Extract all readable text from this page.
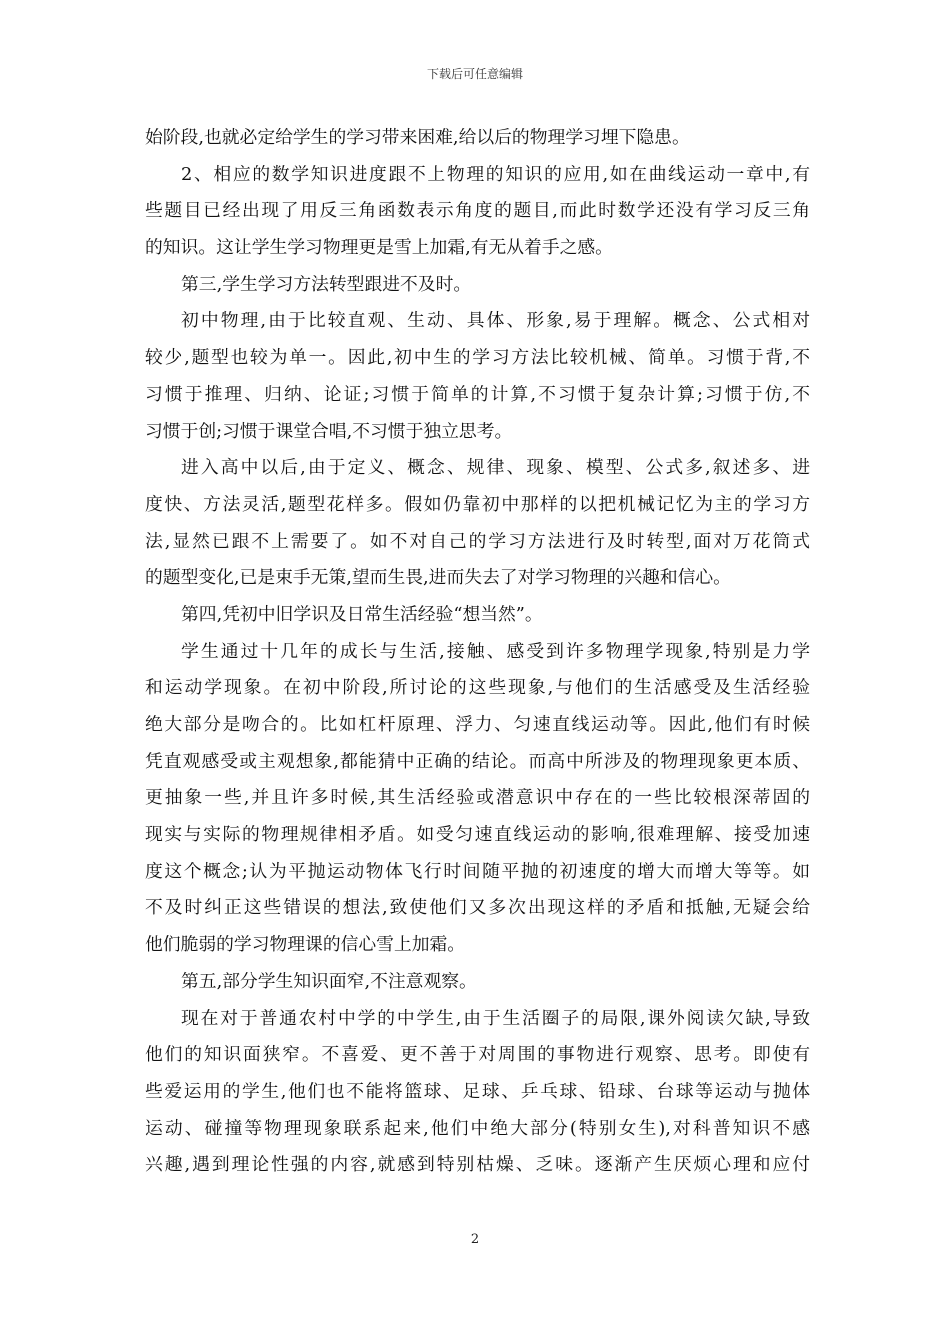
下载后可任意编辑
始阶段,也就必定给学生的学习带来困难,给以后的物理学习埋下隐患。
2、相应的数学知识进度跟不上物理的知识的应用,如在曲线运动一章中,有
些题目已经出现了用反三角函数表示角度的题目,而此时数学还没有学习反三角
的知识。这让学生学习物理更是雪上加霜,有无从着手之感。
第三,学生学习方法转型跟进不及时。
初中物理,由于比较直观、生动、具体、形象,易于理解。概念、公式相对
较少,题型也较为单一。因此,初中生的学习方法比较机械、简单。习惯于背,不
习惯于推理、归纳、论证;习惯于简单的计算,不习惯于复杂计算;习惯于仿,不
习惯于创;习惯于课堂合唱,不习惯于独立思考。
进入高中以后,由于定义、概念、规律、现象、模型、公式多,叙述多、进
度快、方法灵活,题型花样多。假如仍靠初中那样的以把机械记忆为主的学习方
法,显然已跟不上需要了。如不对自己的学习方法进行及时转型,面对万花筒式
的题型变化,已是束手无策,望而生畏,进而失去了对学习物理的兴趣和信心。
第四,凭初中旧学识及日常生活经验“想当然”。
学生通过十几年的成长与生活,接触、感受到许多物理学现象,特别是力学
和运动学现象。在初中阶段,所讨论的这些现象,与他们的生活感受及生活经验
绝大部分是吻合的。比如杠杆原理、浮力、匀速直线运动等。因此,他们有时候
凭直观感受或主观想象,都能猜中正确的结论。而高中所涉及的物理现象更本质、
更抽象一些,并且许多时候,其生活经验或潜意识中存在的一些比较根深蒂固的
现实与实际的物理规律相矛盾。如受匀速直线运动的影响,很难理解、接受加速
度这个概念;认为平抛运动物体飞行时间随平抛的初速度的增大而增大等等。如
不及时纠正这些错误的想法,致使他们又多次出现这样的矛盾和抵触,无疑会给
他们脆弱的学习物理课的信心雪上加霜。
第五,部分学生知识面窄,不注意观察。
现在对于普通农村中学的中学生,由于生活圈子的局限,课外阅读欠缺,导致
他们的知识面狭窄。不喜爱、更不善于对周围的事物进行观察、思考。即使有
些爱运用的学生,他们也不能将篮球、足球、乒乓球、铅球、台球等运动与抛体
运动、碰撞等物理现象联系起来,他们中绝大部分(特别女生),对科普知识不感
兴趣,遇到理论性强的内容,就感到特别枯燥、乏味。逐渐产生厌烦心理和应付
2
